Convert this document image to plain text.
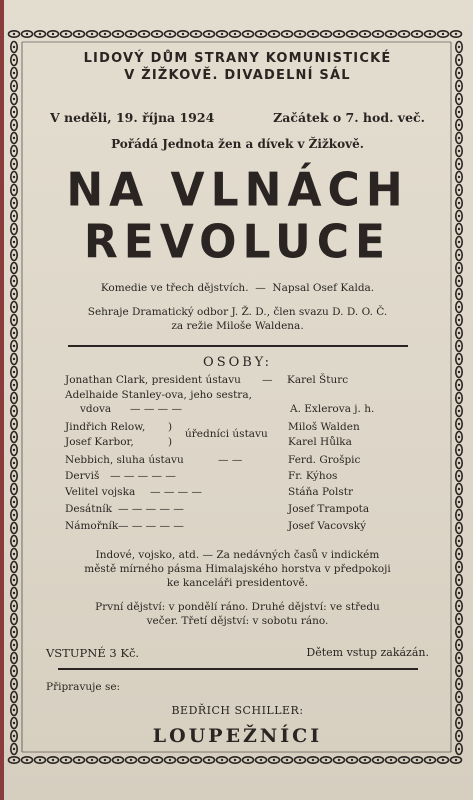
LIDOVÝ DŮM STRANY KOMUNISTICKÉ
V ŽIŽKOVĚ. DIVADELNÍ SÁL
V neděli, 19. října 1924	Začátek o 7. hod. več.
Pořádá Jednota žen a dívek v Žižkově.
NA VLNÁCH
REVOLUCE
Komedie ve třech dějstvích. — Napsal Osef Kalda.
Sehraje Dramatický odbor J. Ž. D., člen svazu D. D. O. Č.
za režie Miloše Waldena.
OSOBY:
Jonathan Clark, president ústavu — Karel Šturc
Adelhaide Stanley-ova, jeho sestra,
vdova — — — —	A. Exlerova j. h.
Jindřich Relow, )	Miloš Walden
úředníci ústavu
Josef Karbor,	)	Karel Hůlka
Nebbich, sluha ústavu	— —	Ferd. Grošpic
Derviš — — — — —	Fr. Kýhos
Velitel vojska — — — —	Stáňa Polstr
Desátník — — — — —	Josef Trampota
Námořník — — — — —	Josef Vacovský
Indové, vojsko, atd. — Za nedávných časů v indickém
městě mírného pásma Himalajského horstva v předpokoji
ke kanceláři presidentově.
První dějství: v pondělí ráno. Druhé dějství: ve středu
večer. Třetí dějství: v sobotu ráno.
VSTUPNÉ 3 Kč.	Dětem vstup zakázán.
Připravuje se:
BEDŘICH SCHILLER:
LOUPEŽNÍCI
